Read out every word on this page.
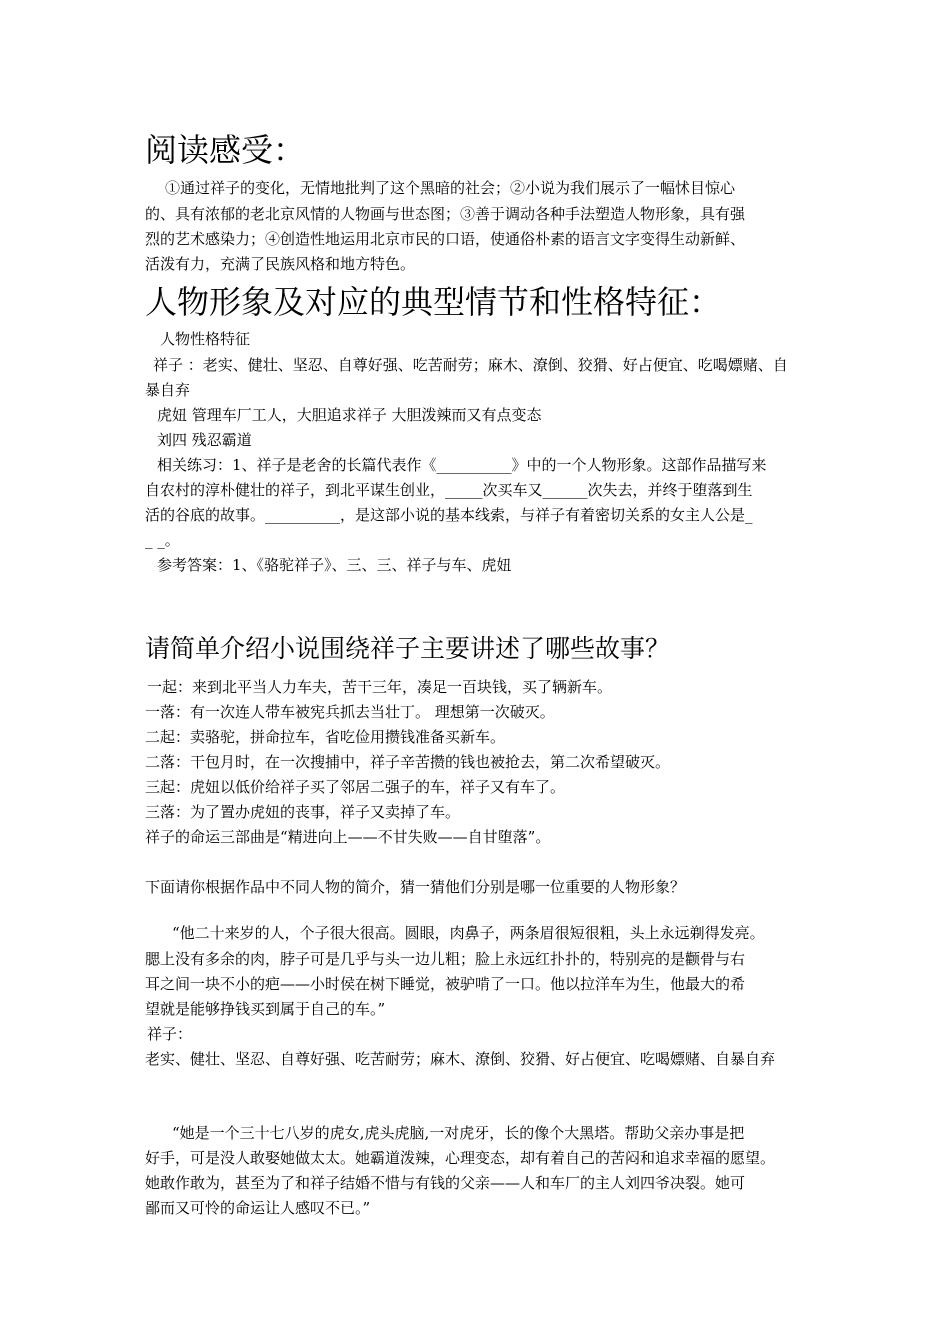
阅读感受：
①通过祥子的变化，无情地批判了这个黑暗的社会；②小说为我们展示了一幅怵目惊心
的、具有浓郁的老北京风情的人物画与世态图；③善于调动各种手法塑造人物形象，具有强
烈的艺术感染力；④创造性地运用北京市民的口语，使通俗朴素的语言文字变得生动新鲜、
活泼有力，充满了民族风格和地方特色。
人物形象及对应的典型情节和性格特征：
人物性格特征
祥子 ：老实、健壮、坚忍、自尊好强、吃苦耐劳；麻木、潦倒、狡猾、好占便宜、吃喝嫖赌、自
暴自弃
虎妞 管理车厂工人，大胆追求祥子 大胆泼辣而又有点变态
刘四 残忍霸道
相关练习：1、祥子是老舍的长篇代表作《__________》中的一个人物形象。这部作品描写来
自农村的淳朴健壮的祥子，到北平谋生创业，_____次买车又______次失去，并终于堕落到生
活的谷底的故事。__________，是这部小说的基本线索，与祥子有着密切关系的女主人公是_
_ _。
参考答案：1、《骆驼祥子》、三、三、祥子与车、虎妞
请简单介绍小说围绕祥子主要讲述了哪些故事？
一起：来到北平当人力车夫，苦干三年，凑足一百块钱，买了辆新车。
一落：有一次连人带车被宪兵抓去当壮丁。 理想第一次破灭。
二起：卖骆驼，拼命拉车，省吃俭用攒钱准备买新车。
二落：干包月时，在一次搜捕中，祥子辛苦攒的钱也被抢去，第二次希望破灭。
三起：虎妞以低价给祥子买了邻居二强子的车，祥子又有车了。
三落：为了置办虎妞的丧事，祥子又卖掉了车。
祥子的命运三部曲是“精进向上——不甘失败——自甘堕落”。
下面请你根据作品中不同人物的简介，猜一猜他们分别是哪一位重要的人物形象？
“他二十来岁的人，个子很大很高。圆眼，肉鼻子，两条眉很短很粗，头上永远剃得发亮。
腮上没有多余的肉，脖子可是几乎与头一边儿粗；脸上永远红扑扑的，特别亮的是颧骨与右
耳之间一块不小的疤——小时侯在树下睡觉，被驴啃了一口。他以拉洋车为生，他最大的希
望就是能够挣钱买到属于自己的车。”
祥子：
老实、健壮、坚忍、自尊好强、吃苦耐劳；麻木、潦倒、狡猾、好占便宜、吃喝嫖赌、自暴自弃
“她是一个三十七八岁的虎女,虎头虎脑,一对虎牙，长的像个大黑塔。帮助父亲办事是把
好手，可是没人敢娶她做太太。她霸道泼辣，心理变态，却有着自己的苦闷和追求幸福的愿望。
她敢作敢为，甚至为了和祥子结婚不惜与有钱的父亲——人和车厂的主人刘四爷决裂。她可
鄙而又可怜的命运让人感叹不已。”
